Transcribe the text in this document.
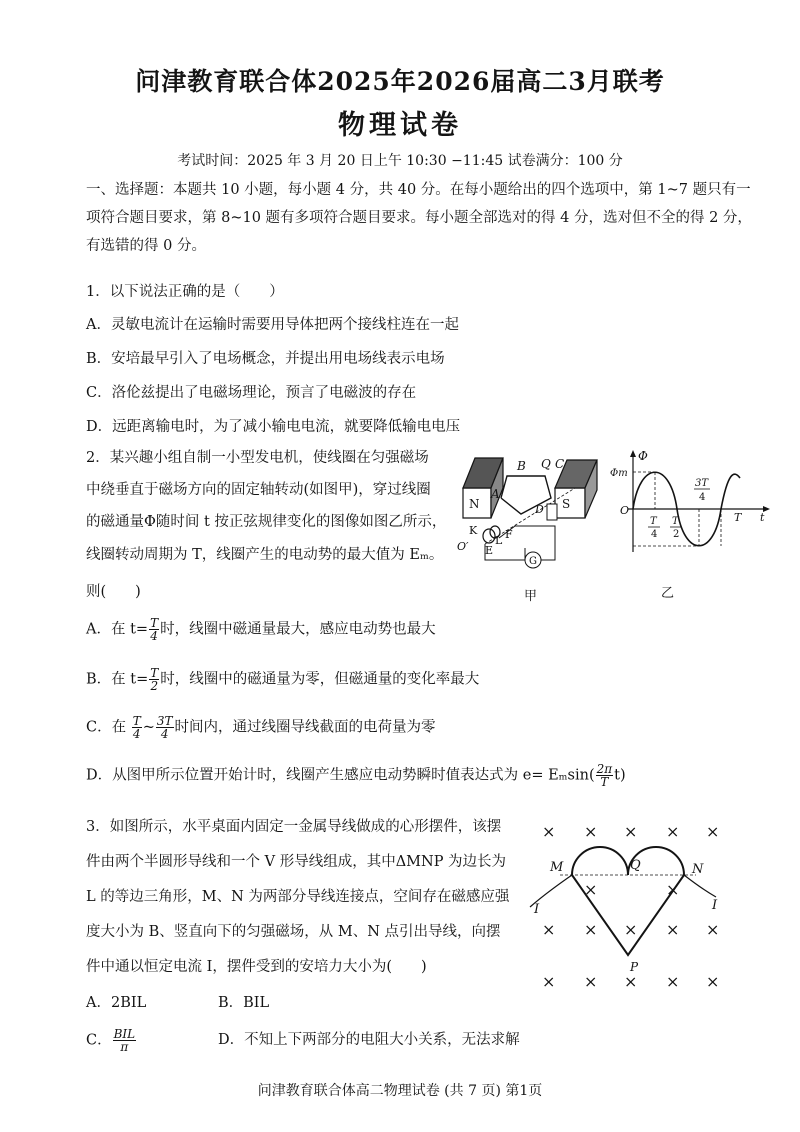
问津教育联合体2025年2026届高二3月联考
物理试卷
考试时间：2025 年 3 月 20 日上午 10:30 −11:45 试卷满分：100 分
一、选择题：本题共 10 小题，每小题 4 分，共 40 分。在每小题给出的四个选项中，第 1~7 题只有一项符合题目要求，第 8~10 题有多项符合题目要求。每小题全部选对的得 4 分，选对但不全的得 2 分，有选错的得 0 分。
1．以下说法正确的是（　　）
A．灵敏电流计在运输时需要用导体把两个接线柱连在一起
B．安培最早引入了电场概念，并提出用电场线表示电场
C．洛伦兹提出了电磁场理论，预言了电磁波的存在
D．远距离输电时，为了减小输电电流，就要降低输电电压
2．某兴趣小组自制一小型发电机，使线圈在匀强磁场
中绕垂直于磁场方向的固定轴转动(如图甲)，穿过线圈
的磁通量Φ随时间 t 按正弦规律变化的图像如图乙所示，
线圈转动周期为 T，线圈产生的电动势的最大值为 Eₘ。
则(　　)
G
N	S
A
B Q C
D
K
L
E
F
O′
甲
Φ
Φm
O
T
4
T
2
3T
4
T t
乙
A．在 $t= \frac{T}{4}$ 时，线圈中磁通量最大，感应电动势也最大
B．在 $t= \frac{T}{2}$ 时，线圈中的磁通量为零，但磁通量的变化率最大
C．在 $\frac{T}{4}$ ~ $\frac{3T}{4}$ 时间内，通过线圈导线截面的电荷量为零
D．从图甲所示位置开始计时，线圈产生感应电动势瞬时值表达式为 $e= E_m\sin( \frac{2\pi}{T} t)$
3．如图所示，水平桌面内固定一金属导线做成的心形摆件，该摆
件由两个半圆形导线和一个 V 形导线组成，其中ΔMNP 为边长为
L 的等边三角形，M、N 为两部分导线连接点，空间存在磁感应强
度大小为 B、竖直向下的匀强磁场，从 M、N 点引出导线，向摆
件中通以恒定电流 I，摆件受到的安培力大小为(　　)
× × × × ×
× × × × ×
×	×
× × × × ×
M	N
Q
P
I	I
A．2BIL	B．BIL
C． $\frac{\text{BIL}}{\pi}$	D．不知上下两部分的电阻大小关系，无法求解
问津教育联合体高二物理试卷 (共 7 页) 第1页
